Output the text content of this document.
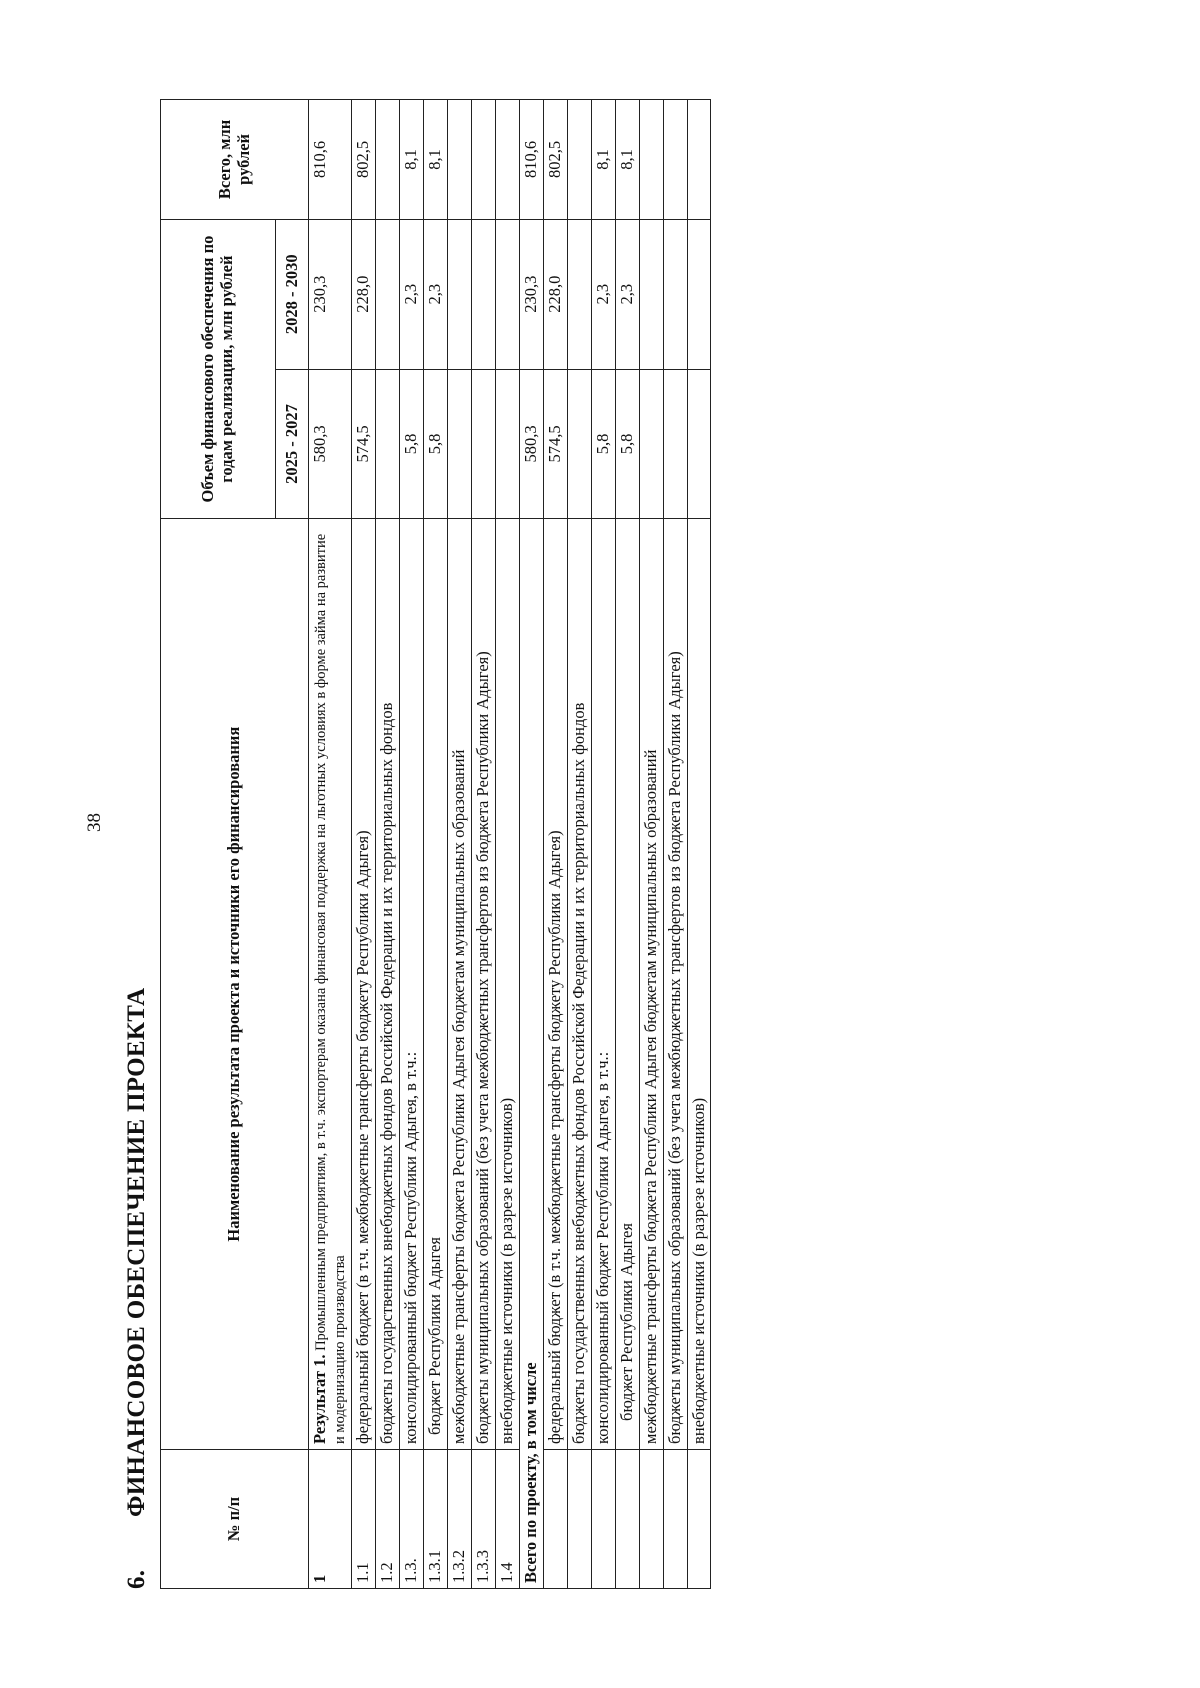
38
6.
ФИНАНСОВОЕ ОБЕСПЕЧЕНИЕ ПРОЕКТА
№ п/п	Наименование результата проекта и источники его финансирования	Объем финансового обеспечения по годам реализации, млн рублей		Всего, млн рублей
		2025 - 2027	2028 - 2030	
1	Результат 1. Промышленным предприятиям, в т.ч. экспортерам оказана финансовая поддержка на льготных условиях в форме займа на развитие и модернизацию производства	580,3	230,3	810,6
1.1	федеральный бюджет (в т.ч. межбюджетные трансферты бюджету Республики Адыгея)	574,5	228,0	802,5
1.2	бюджеты государственных внебюджетных фондов Российской Федерации и их территориальных фондов			
1.3.	консолидированный бюджет Республики Адыгея, в т.ч.:	5,8	2,3	8,1
1.3.1	бюджет Республики Адыгея	5,8	2,3	8,1
1.3.2	межбюджетные трансферты бюджета Республики Адыгея бюджетам муниципальных образований			
1.3.3	бюджеты муниципальных образований (без учета межбюджетных трансфертов из бюджета Республики Адыгея)			
1.4	внебюджетные источники (в разрезе источников)			
Всего по проекту, в том числе		580,3	230,3	810,6
	федеральный бюджет (в т.ч. межбюджетные трансферты бюджету Республики Адыгея)	574,5	228,0	802,5
	бюджеты государственных внебюджетных фондов Российской Федерации и их территориальных фондов			
	консолидированный бюджет Республики Адыгея, в т.ч.:	5,8	2,3	8,1
	бюджет Республики Адыгея	5,8	2,3	8,1
	межбюджетные трансферты бюджета Республики Адыгея бюджетам муниципальных образований			
	бюджеты муниципальных образований (без учета межбюджетных трансфертов из бюджета Республики Адыгея)			
	внебюджетные источники (в разрезе источников)			
